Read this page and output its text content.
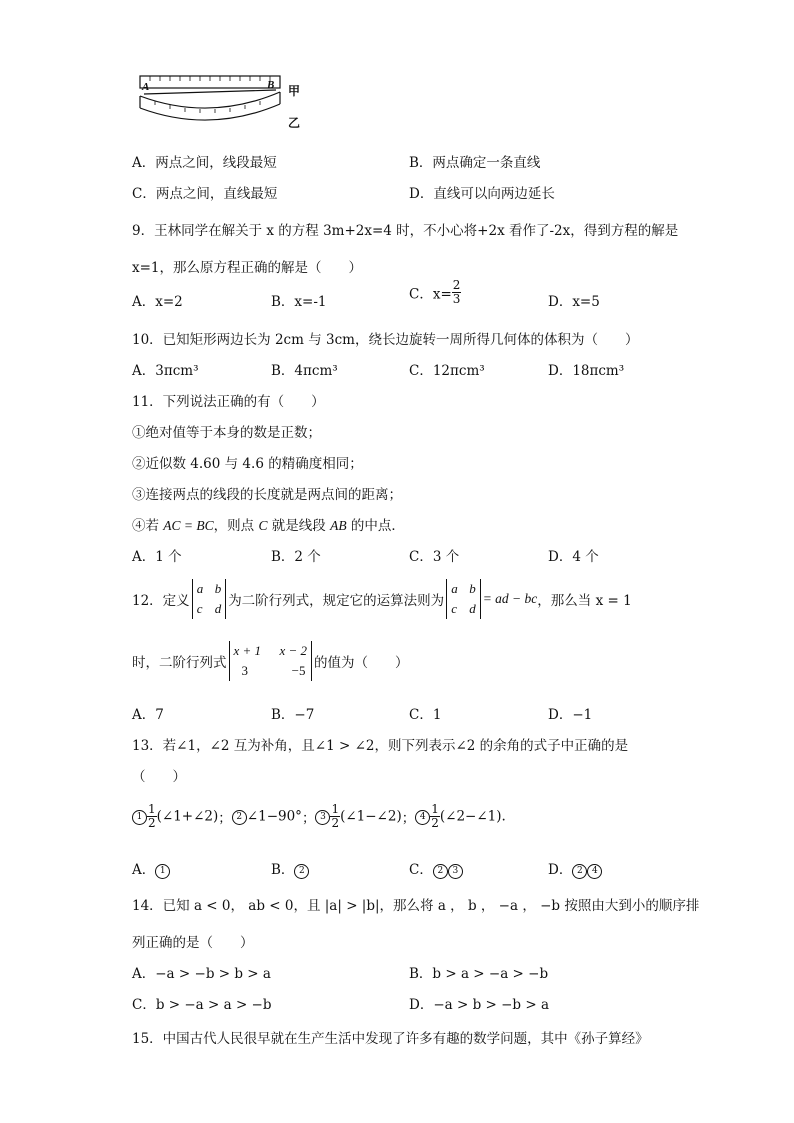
A	B 甲
乙
A．两点之间，线段最短	B．两点确定一条直线
C．两点之间，直线最短	D．直线可以向两边延长
9．王林同学在解关于 x 的方程 3m+2x=4 时，不小心将+2x 看作了-2x，得到方程的解是
x=1，那么原方程正确的解是（　　）
A．x=2	B．x=-1	C．$x= \frac{2}{3}$	D．x=5
10．已知矩形两边长为 2cm 与 3cm，绕长边旋转一周所得几何体的体积为（　　）
A．3πcm³	B．4πcm³	C．12πcm³	D．18πcm³
11．下列说法正确的有（　　）
①绝对值等于本身的数是正数；
②近似数 4.60 与 4.6 的精确度相同；
③连接两点的线段的长度就是两点间的距离；
④若 AC = BC，则点 C 就是线段 AB 的中点．
A．1 个	B．2 个	C．3 个	D．4 个
12．定义
a b
c d 为二阶行列式，规定它的运算法则为
a b
c d
= ad − bc，那么当 x = 1
时，二阶行列式
x + 1 x − 2
3	−5 的值为（　　）
A．7	B．−7	C．1	D．−1
13．若∠1，∠2 互为补角，且∠1 > ∠2，则下列表示∠2 的余角的式子中正确的是
（　　）
$1 \frac{1}{2}$ (∠1+∠2)； 2 ∠1−90°； $3 \frac{1}{2}$ (∠1−∠2)； $4 \frac{1}{2}$ (∠2−∠1).
A． 1	B． 2	C． 2 3	D． 2 4
14．已知 a < 0， ab < 0，且 |a| > |b|，那么将 a ， b ， −a ， −b 按照由大到小的顺序排
列正确的是（　　）
A．−a > −b > b > a	B．b > a > −a > −b
C．b > −a > a > −b	D．−a > b > −b > a
15．中国古代人民很早就在生产生活中发现了许多有趣的数学问题，其中《孙子算经》
